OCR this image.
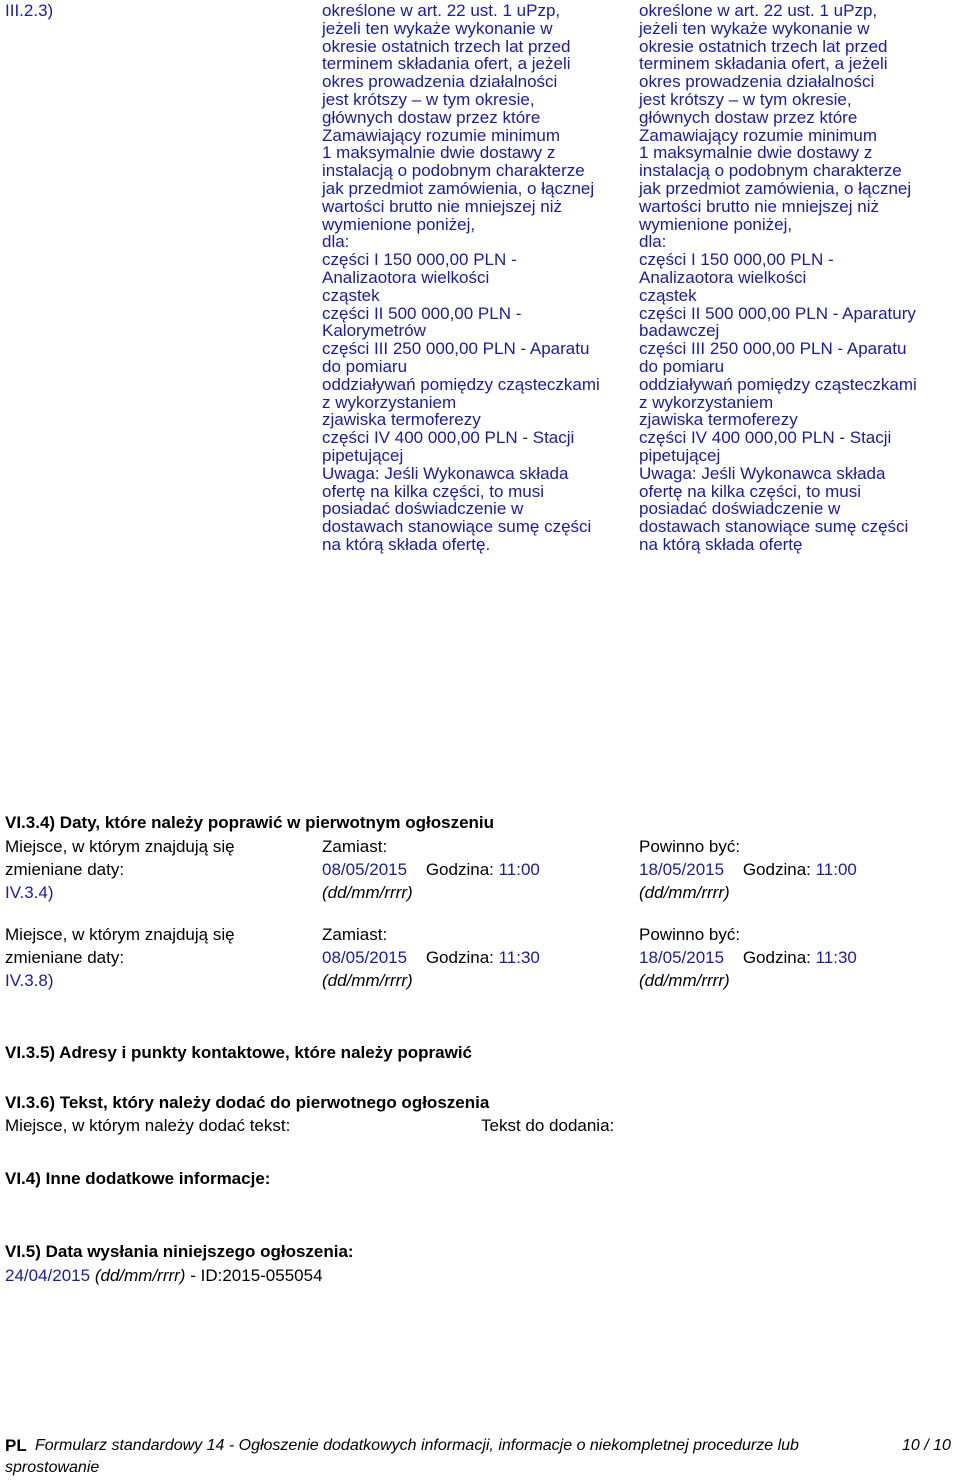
III.2.3)	określone w art. 22 ust. 1 uPzp,
jeżeli ten wykaże wykonanie w
okresie ostatnich trzech lat przed
terminem składania ofert, a jeżeli
okres prowadzenia działalności
jest krótszy – w tym okresie,
głównych dostaw przez które
Zamawiający rozumie minimum
1 maksymalnie dwie dostawy z
instalacją o podobnym charakterze
jak przedmiot zamówienia, o łącznej
wartości brutto nie mniejszej niż
wymienione poniżej,
dla:
części I 150 000,00 PLN -
Analizaotora wielkości
cząstek
części II 500 000,00 PLN -
Kalorymetrów
części III 250 000,00 PLN - Aparatu
do pomiaru
oddziaływań pomiędzy cząsteczkami
z wykorzystaniem
zjawiska termoferezy
części IV 400 000,00 PLN - Stacji
pipetującej
Uwaga: Jeśli Wykonawca składa
ofertę na kilka części, to musi
posiadać doświadczenie w
dostawach stanowiące sumę części
na którą składa ofertę.
określone w art. 22 ust. 1 uPzp,
jeżeli ten wykaże wykonanie w
okresie ostatnich trzech lat przed
terminem składania ofert, a jeżeli
okres prowadzenia działalności
jest krótszy – w tym okresie,
głównych dostaw przez które
Zamawiający rozumie minimum
1 maksymalnie dwie dostawy z
instalacją o podobnym charakterze
jak przedmiot zamówienia, o łącznej
wartości brutto nie mniejszej niż
wymienione poniżej,
dla:
części I 150 000,00 PLN -
Analizaotora wielkości
cząstek
części II 500 000,00 PLN - Aparatury
badawczej
części III 250 000,00 PLN - Aparatu
do pomiaru
oddziaływań pomiędzy cząsteczkami
z wykorzystaniem
zjawiska termoferezy
części IV 400 000,00 PLN - Stacji
pipetującej
Uwaga: Jeśli Wykonawca składa
ofertę na kilka części, to musi
posiadać doświadczenie w
dostawach stanowiące sumę części
na którą składa ofertę
VI.3.4) Daty, które należy poprawić w pierwotnym ogłoszeniu
Miejsce, w którym znajdują się
zmieniane daty:
IV.3.4)
Zamiast:
08/05/2015 Godzina: 11:00
(dd/mm/rrrr)
Powinno być:
18/05/2015 Godzina: 11:00
(dd/mm/rrrr)
Miejsce, w którym znajdują się
zmieniane daty:
IV.3.8)
Zamiast:
08/05/2015 Godzina: 11:30
(dd/mm/rrrr)
Powinno być:
18/05/2015 Godzina: 11:30
(dd/mm/rrrr)
VI.3.5) Adresy i punkty kontaktowe, które należy poprawić
VI.3.6) Tekst, który należy dodać do pierwotnego ogłoszenia
Miejsce, w którym należy dodać tekst:	Tekst do dodania:
VI.4) Inne dodatkowe informacje:
VI.5) Data wysłania niniejszego ogłoszenia:
24/04/2015 (dd/mm/rrrr) - ID:2015-055054
PL Formularz standardowy 14 - Ogłoszenie dodatkowych informacji, informacje o niekompletnej procedurze lub
sprostowanie
10 / 10
